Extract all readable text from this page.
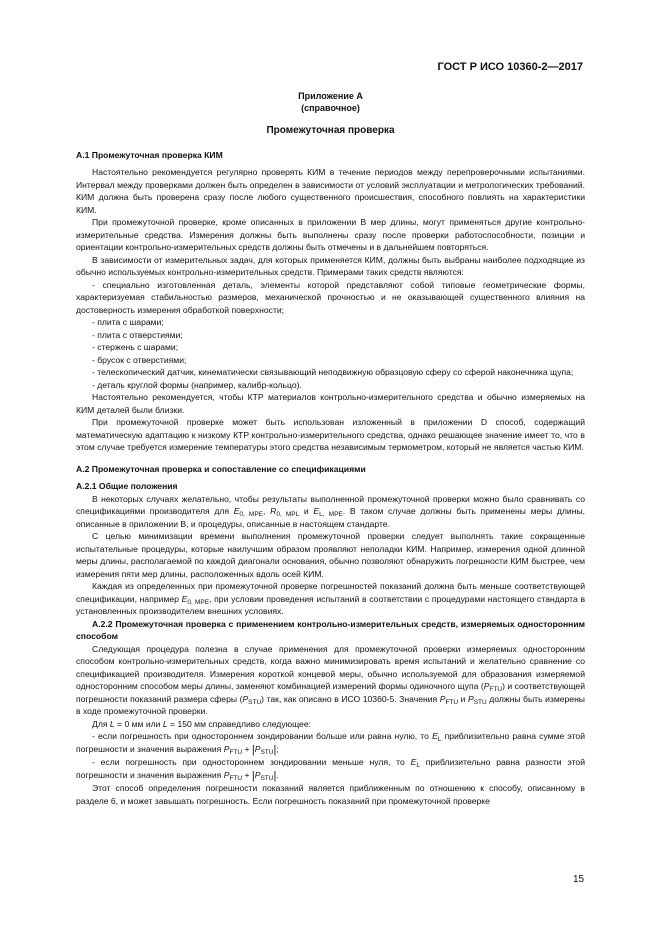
ГОСТ Р ИСО 10360-2—2017
Приложение А
(справочное)
Промежуточная проверка
А.1 Промежуточная проверка КИМ

Настоятельно рекомендуется регулярно проверять КИМ в течение периодов между перепроверочными испытаниями. Интервал между проверками должен быть определен в зависимости от условий эксплуатации и метрологических требований. КИМ должна быть проверена сразу после любого существенного происшествия, способного повлиять на характеристики КИМ.

При промежуточной проверке, кроме описанных в приложении В мер длины, могут применяться другие контрольно-измерительные средства. Измерения должны быть выполнены сразу после проверки работоспособности, позиции и ориентации контрольно-измерительных средств должны быть отмечены и в дальнейшем повторяться.

В зависимости от измерительных задач, для которых применяется КИМ, должны быть выбраны наиболее подходящие из обычно используемых контрольно-измерительных средств. Примерами таких средств являются:

- специально изготовленная деталь, элементы которой представляют собой типовые геометрические формы, характеризуемая стабильностью размеров, механической прочностью и не оказывающей существенного влияния на достоверность измерения обработкой поверхности;

- плита с шарами;

- плита с отверстиями;

- стержень с шарами;

- брусок с отверстиями;

- телескопический датчик, кинематически связывающий неподвижную образцовую сферу со сферой наконечника щупа;

- деталь круглой формы (например, калибр-кольцо).

Настоятельно рекомендуется, чтобы КТР материалов контрольно-измерительного средства и обычно измеряемых на КИМ деталей были близки.

При промежуточной проверке может быть использован изложенный в приложении D способ, содержащий математическую адаптацию к низкому КТР контрольно-измерительного средства, однако решающее значение имеет то, что в этом случае требуется измерение температуры этого средства независимым термометром, который не является частью КИМ.

А.2 Промежуточная проверка и сопоставление со спецификациями
А.2.1 Общие положения

В некоторых случаях желательно, чтобы результаты выполненной промежуточной проверки можно было сравнивать со спецификациями производителя для $E_{0, MPE}$, $R_{0, MPL}$ и $E_{L, MPE}$. В таком случае должны быть применены меры длины, описанные в приложении В, и процедуры, описанные в настоящем стандарте.

С целью минимизации времени выполнения промежуточной проверки следует выполнять такие сокращенные испытательные процедуры, которые наилучшим образом проявляют неполадки КИМ. Например, измерения одной длинной меры длины, располагаемой по каждой диагонали основания, обычно позволяют обнаружить погрешности КИМ быстрее, чем измерения пяти мер длины, расположенных вдоль осей КИМ.

Каждая из определенных при промежуточной проверке погрешностей показаний должна быть меньше соответствующей спецификации, например $E_{0, MPE}$, при условии проведения испытаний в соответствии с процедурами настоящего стандарта в установленных производителем внешних условиях.

А.2.2 Промежуточная проверка с применением контрольно-измерительных средств, измеряемых односторонним способом

Следующая процедура полезна в случае применения для промежуточной проверки измеряемых односторонним способом контрольно-измерительных средств, когда важно минимизировать время испытаний и желательно сравнение со спецификацией производителя. Измерения короткой концевой меры, обычно используемой для образования измеряемой односторонним способом меры длины, заменяют комбинацией измерений формы одиночного щупа $(P_{FTU})$ и соответствующей погрешности показаний размера сферы $(P_{STU})$ так, как описано в ИСО 10360-5. Значения $P_{FTU}$ и $P_{STU}$ должны быть измерены в ходе промежуточной проверки.

Для L = 0 мм или L = 150 мм справедливо следующее:

- если погрешность при одностороннем зондировании больше или равна нулю, то $E_L$ приблизительно равна сумме этой погрешности и значения выражения $P_{FTU} + |P_{STU}|$;

- если погрешность при одностороннем зондировании меньше нуля, то $E_L$ приблизительно равна разности этой погрешности и значения выражения $P_{FTU} + |P_{STU}|$.

Этот способ определения погрешности показаний является приближенным по отношению к способу, описанному в разделе 6, и может завышать погрешность. Если погрешность показаний при промежуточной проверке

15
